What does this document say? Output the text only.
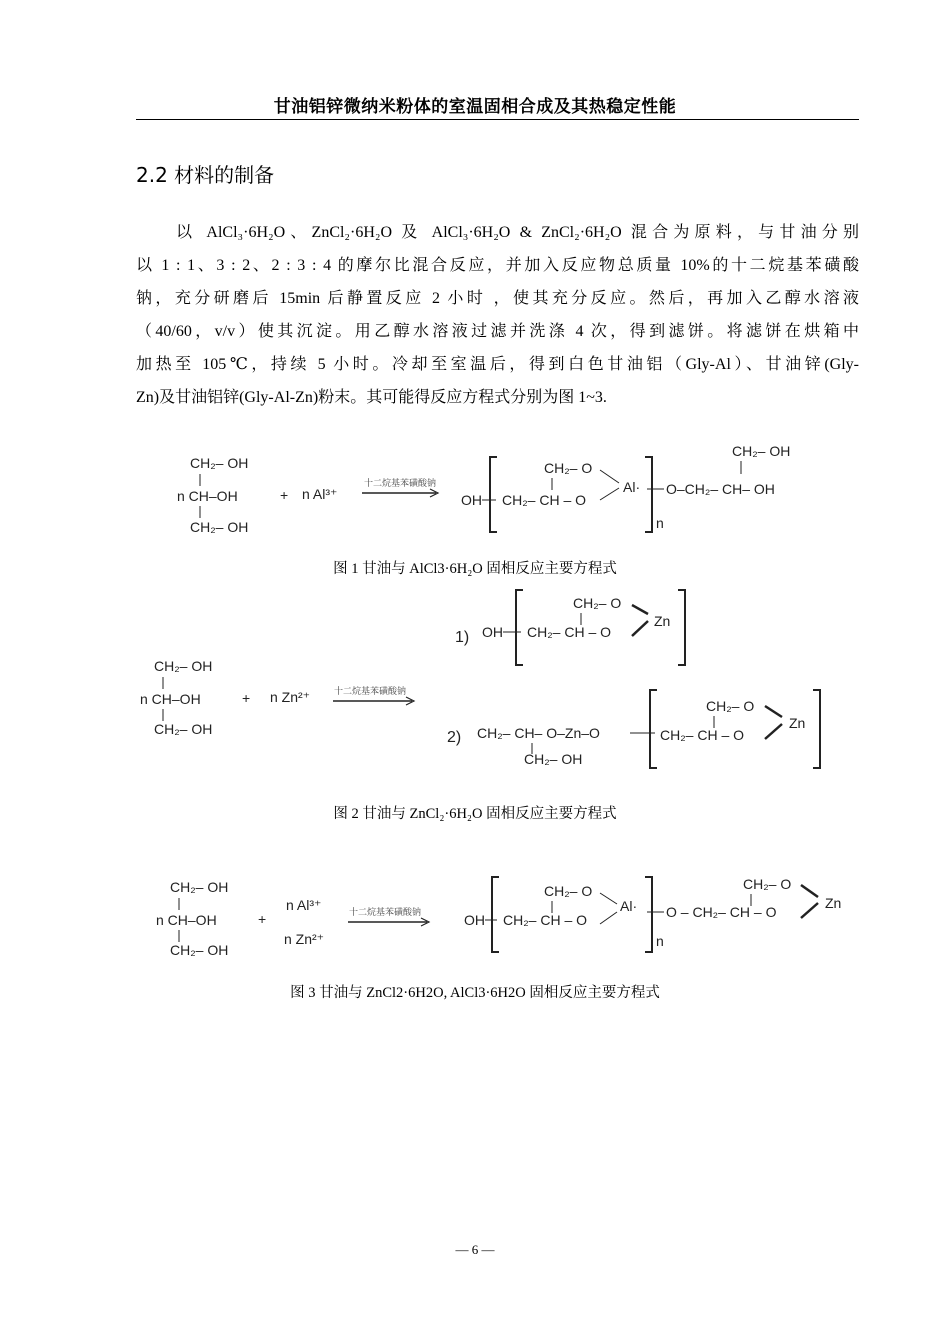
甘油铝锌微纳米粉体的室温固相合成及其热稳定性能
2.2 材料的制备
以 AlCl₃·6H₂O、ZnCl₂·6H₂O 及 AlCl₃·6H₂O & ZnCl₂·6H₂O 混合为原料，与甘油分别
以 1 : 1、3 : 2、2 : 3 : 4 的摩尔比混合反应，并加入反应物总质量 10%的十二烷基苯磺酸
钠，充分研磨后 15min 后静置反应 2 小时 ，使其充分反应。然后，再加入乙醇水溶液
（40/60，v/v）使其沉淀。用乙醇水溶液过滤并洗涤 4 次，得到滤饼。将滤饼在烘箱中
加热至 105℃，持续 5 小时。冷却至室温后，得到白色甘油铝（Gly-Al）、甘油锌(Gly-
Zn)及甘油铝锌(Gly-Al-Zn)粉末。其可能得反应方程式分别为图 1~3.
CH₂– OH
n CH–OH
CH₂– OH
+ n Al³⁺
十二烷基苯磺酸钠
OH CH₂– CH – O
CH₂– O
Al·
n
O–CH₂– CH– OH
CH₂– OH
1) OH CH₂– CH – O
CH₂– O
Zn
CH₂– OH
n CH–OH
CH₂– OH
+ n Zn²⁺	十二烷基苯磺酸钠
2) CH₂– CH– O–Zn–O
CH₂– OH
CH₂– CH – O
CH₂– O
Zn
CH₂– OH
n CH–OH
CH₂– OH
+
n Al³⁺
n Zn²⁺
十二烷基苯磺酸钠	OH CH₂– CH – O
CH₂– O
Al·
n
O – CH₂– CH – O
CH₂– O
Zn
图 1 甘油与 AlCl3·6H₂O 固相反应主要方程式
图 2 甘油与 ZnCl₂·6H₂O 固相反应主要方程式
图 3 甘油与 ZnCl2·6H2O, AlCl3·6H2O 固相反应主要方程式
— 6 —
